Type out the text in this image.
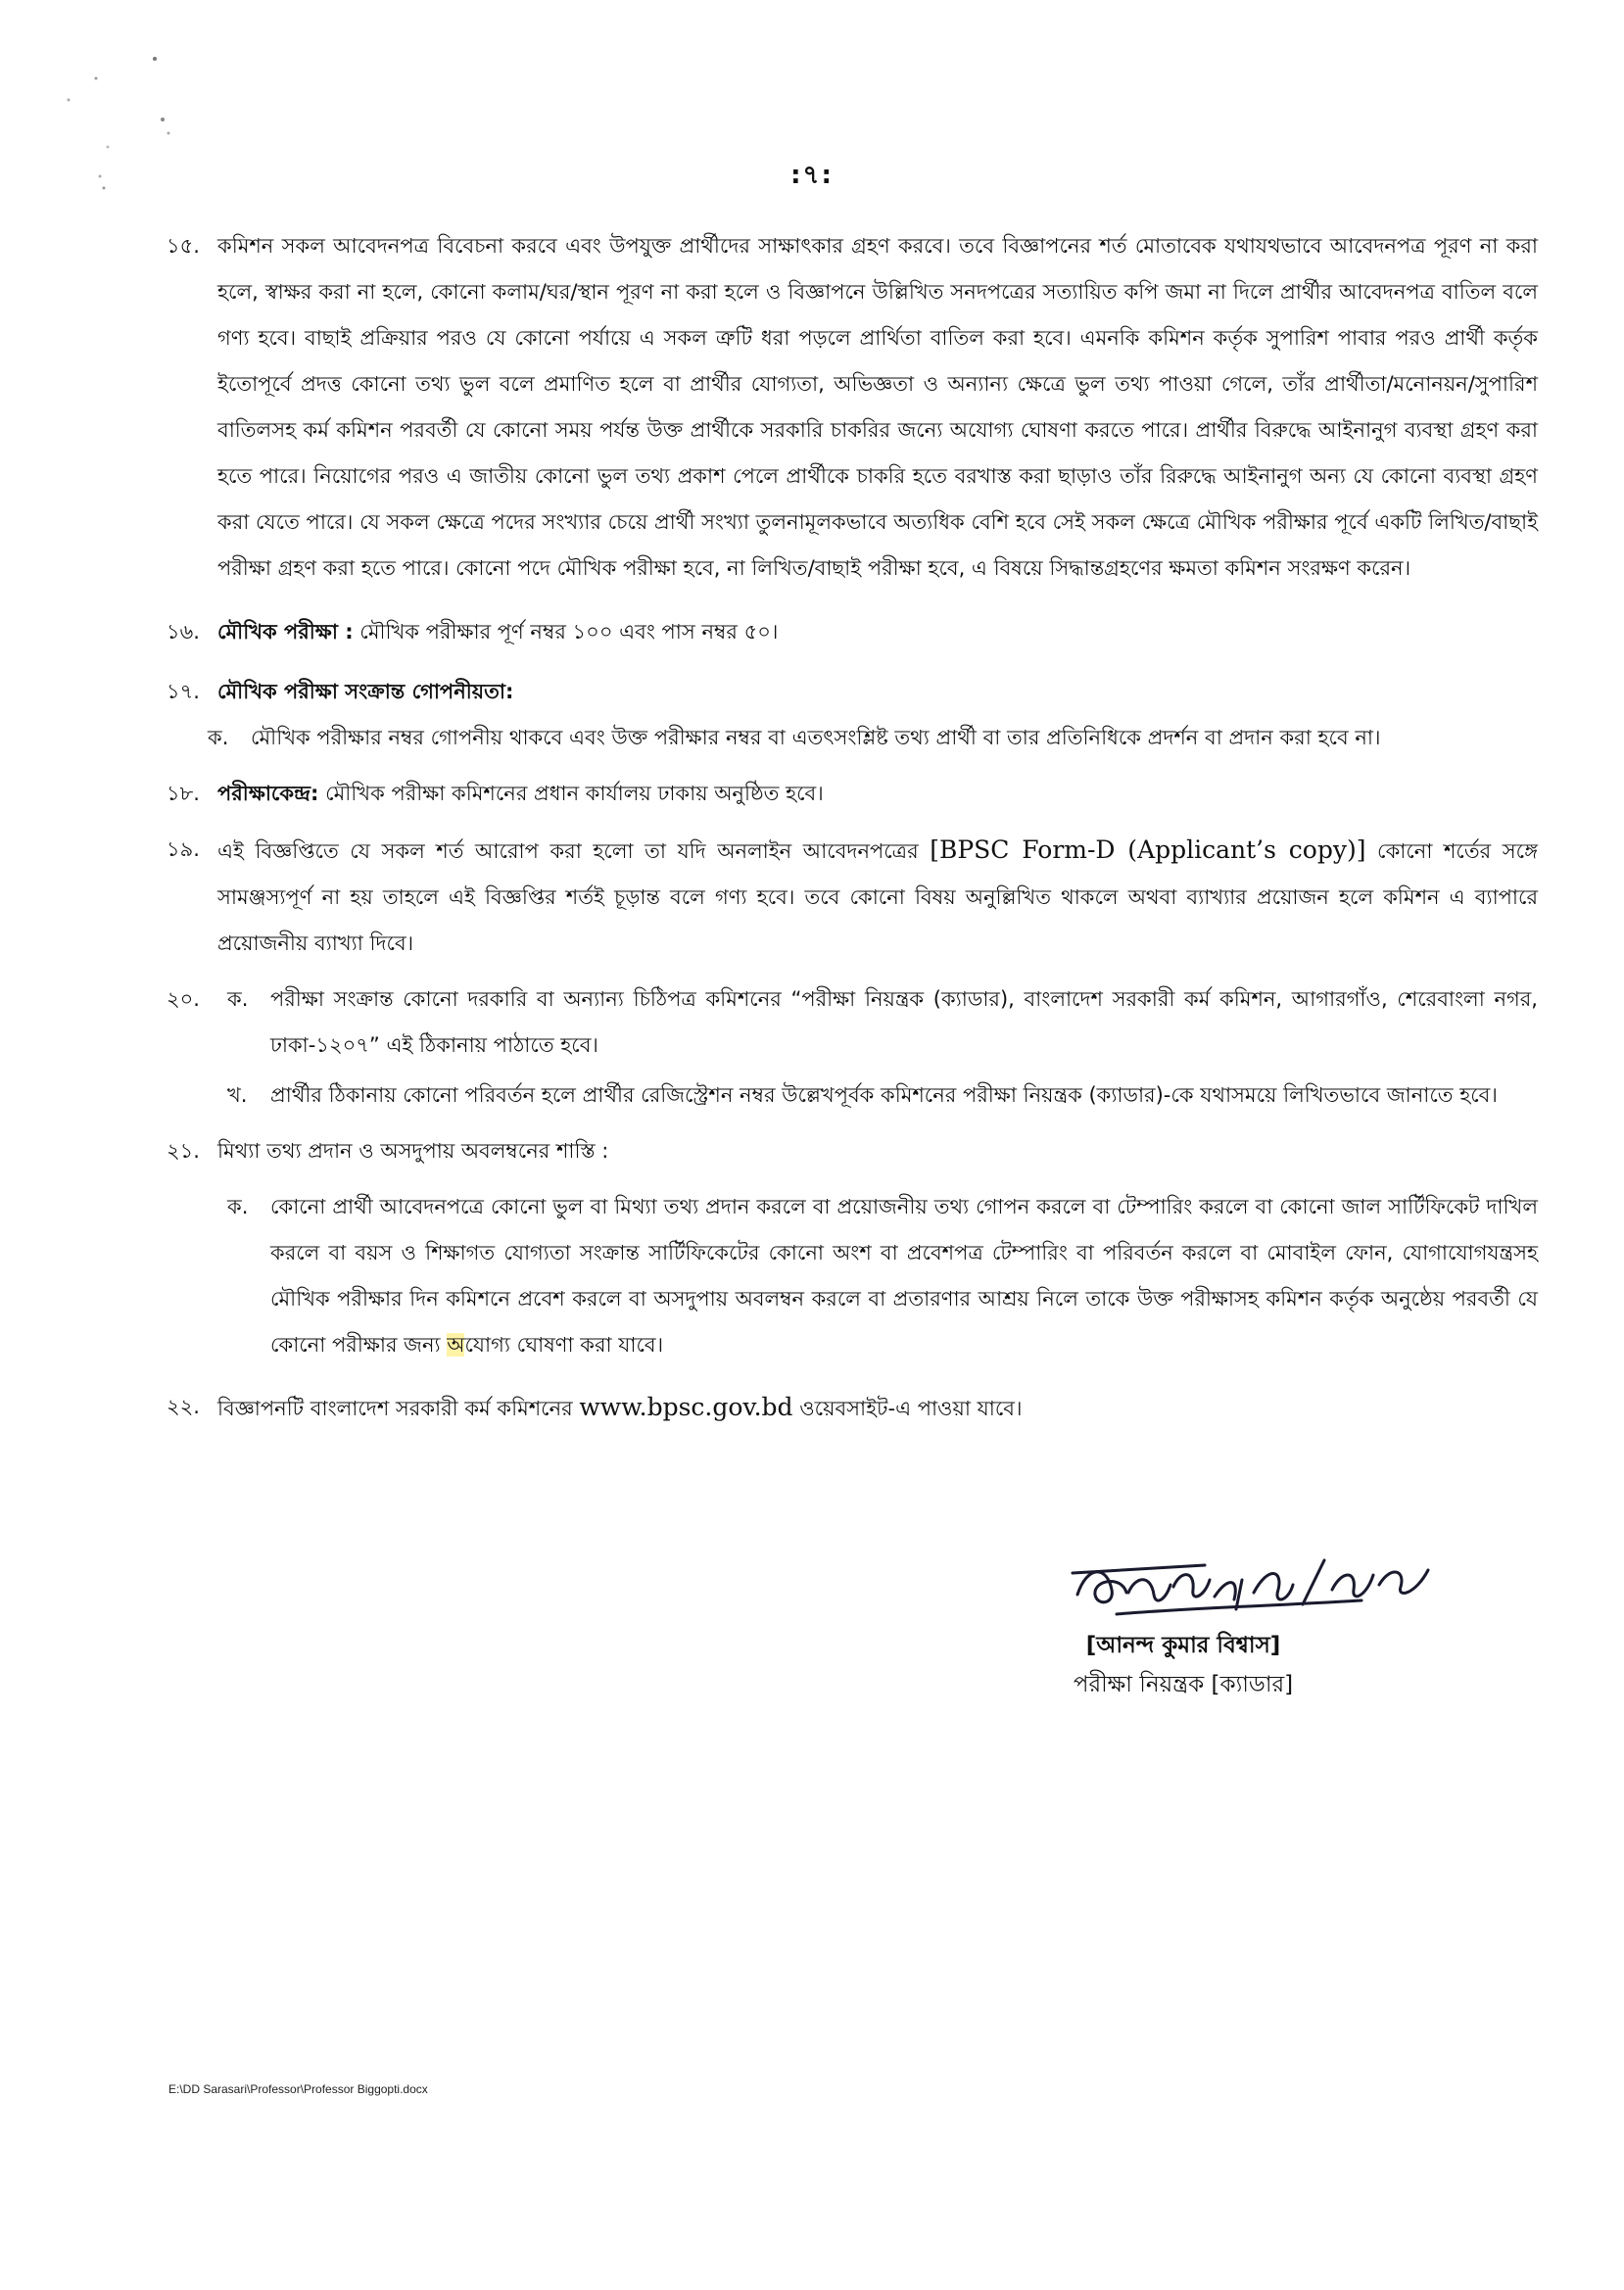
:৭:
১৫. কমিশন সকল আবেদনপত্র বিবেচনা করবে এবং উপযুক্ত প্রার্থীদের সাক্ষাৎকার গ্রহণ করবে। তবে বিজ্ঞাপনের শর্ত মোতাবেক যথাযথভাবে আবেদনপত্র পূরণ না করা হলে, স্বাক্ষর করা না হলে, কোনো কলাম/ঘর/স্থান পূরণ না করা হলে ও বিজ্ঞাপনে উল্লিখিত সনদপত্রের সত্যায়িত কপি জমা না দিলে প্রার্থীর আবেদনপত্র বাতিল বলে গণ্য হবে। বাছাই প্রক্রিয়ার পরও যে কোনো পর্যায়ে এ সকল ত্রুটি ধরা পড়লে প্রার্থিতা বাতিল করা হবে। এমনকি কমিশন কর্তৃক সুপারিশ পাবার পরও প্রার্থী কর্তৃক ইতোপূর্বে প্রদত্ত কোনো তথ্য ভুল বলে প্রমাণিত হলে বা প্রার্থীর যোগ্যতা, অভিজ্ঞতা ও অন্যান্য ক্ষেত্রে ভুল তথ্য পাওয়া গেলে, তাঁর প্রার্থীতা/মনোনয়ন/সুপারিশ বাতিলসহ কর্ম কমিশন পরবর্তী যে কোনো সময় পর্যন্ত উক্ত প্রার্থীকে সরকারি চাকরির জন্যে অযোগ্য ঘোষণা করতে পারে। প্রার্থীর বিরুদ্ধে আইনানুগ ব্যবস্থা গ্রহণ করা হতে পারে। নিয়োগের পরও এ জাতীয় কোনো ভুল তথ্য প্রকাশ পেলে প্রার্থীকে চাকরি হতে বরখাস্ত করা ছাড়াও তাঁর রিরুদ্ধে আইনানুগ অন্য যে কোনো ব্যবস্থা গ্রহণ করা যেতে পারে। যে সকল ক্ষেত্রে পদের সংখ্যার চেয়ে প্রার্থী সংখ্যা তুলনামূলকভাবে অত্যধিক বেশি হবে সেই সকল ক্ষেত্রে মৌখিক পরীক্ষার পূর্বে একটি লিখিত/বাছাই পরীক্ষা গ্রহণ করা হতে পারে। কোনো পদে মৌখিক পরীক্ষা হবে, না লিখিত/বাছাই পরীক্ষা হবে, এ বিষয়ে সিদ্ধান্তগ্রহণের ক্ষমতা কমিশন সংরক্ষণ করেন।
১৬. মৌখিক পরীক্ষা : মৌখিক পরীক্ষার পূর্ণ নম্বর ১০০ এবং পাস নম্বর ৫০।
১৭. মৌখিক পরীক্ষা সংক্রান্ত গোপনীয়তা:
ক. মৌখিক পরীক্ষার নম্বর গোপনীয় থাকবে এবং উক্ত পরীক্ষার নম্বর বা এতৎসংশ্লিষ্ট তথ্য প্রার্থী বা তার প্রতিনিধিকে প্রদর্শন বা প্রদান করা হবে না।
১৮. পরীক্ষাকেন্দ্র: মৌখিক পরীক্ষা কমিশনের প্রধান কার্যালয় ঢাকায় অনুষ্ঠিত হবে।
১৯. এই বিজ্ঞপ্তিতে যে সকল শর্ত আরোপ করা হলো তা যদি অনলাইন আবেদনপত্রের [BPSC Form-D (Applicant’s copy)] কোনো শর্তের সঙ্গে সামঞ্জস্যপূর্ণ না হয় তাহলে এই বিজ্ঞপ্তির শর্তই চূড়ান্ত বলে গণ্য হবে। তবে কোনো বিষয় অনুল্লিখিত থাকলে অথবা ব্যাখ্যার প্রয়োজন হলে কমিশন এ ব্যাপারে প্রয়োজনীয় ব্যাখ্যা দিবে।
২০. ক. পরীক্ষা সংক্রান্ত কোনো দরকারি বা অন্যান্য চিঠিপত্র কমিশনের “পরীক্ষা নিয়ন্ত্রক (ক্যাডার), বাংলাদেশ সরকারী কর্ম কমিশন, আগারগাঁও, শেরেবাংলা নগর, ঢাকা-১২০৭” এই ঠিকানায় পাঠাতে হবে।
খ. প্রার্থীর ঠিকানায় কোনো পরিবর্তন হলে প্রার্থীর রেজিস্ট্রেশন নম্বর উল্লেখপূর্বক কমিশনের পরীক্ষা নিয়ন্ত্রক (ক্যাডার)-কে যথাসময়ে লিখিতভাবে জানাতে হবে।
২১. মিথ্যা তথ্য প্রদান ও অসদুপায় অবলম্বনের শাস্তি :
ক. কোনো প্রার্থী আবেদনপত্রে কোনো ভুল বা মিথ্যা তথ্য প্রদান করলে বা প্রয়োজনীয় তথ্য গোপন করলে বা টেম্পারিং করলে বা কোনো জাল সার্টিফিকেট দাখিল করলে বা বয়স ও শিক্ষাগত যোগ্যতা সংক্রান্ত সার্টিফিকেটের কোনো অংশ বা প্রবেশপত্র টেম্পারিং বা পরিবর্তন করলে বা মোবাইল ফোন, যোগাযোগযন্ত্রসহ মৌখিক পরীক্ষার দিন কমিশনে প্রবেশ করলে বা অসদুপায় অবলম্বন করলে বা প্রতারণার আশ্রয় নিলে তাকে উক্ত পরীক্ষাসহ কমিশন কর্তৃক অনুষ্ঠেয় পরবর্তী যে কোনো পরীক্ষার জন্য অযোগ্য ঘোষণা করা যাবে।
২২. বিজ্ঞাপনটি বাংলাদেশ সরকারী কর্ম কমিশনের www.bpsc.gov.bd ওয়েবসাইট-এ পাওয়া যাবে।
[আনন্দ কুমার বিশ্বাস]
পরীক্ষা নিয়ন্ত্রক [ক্যাডার]
E:\DD Sarasari\Professor\Professor Biggopti.docx
